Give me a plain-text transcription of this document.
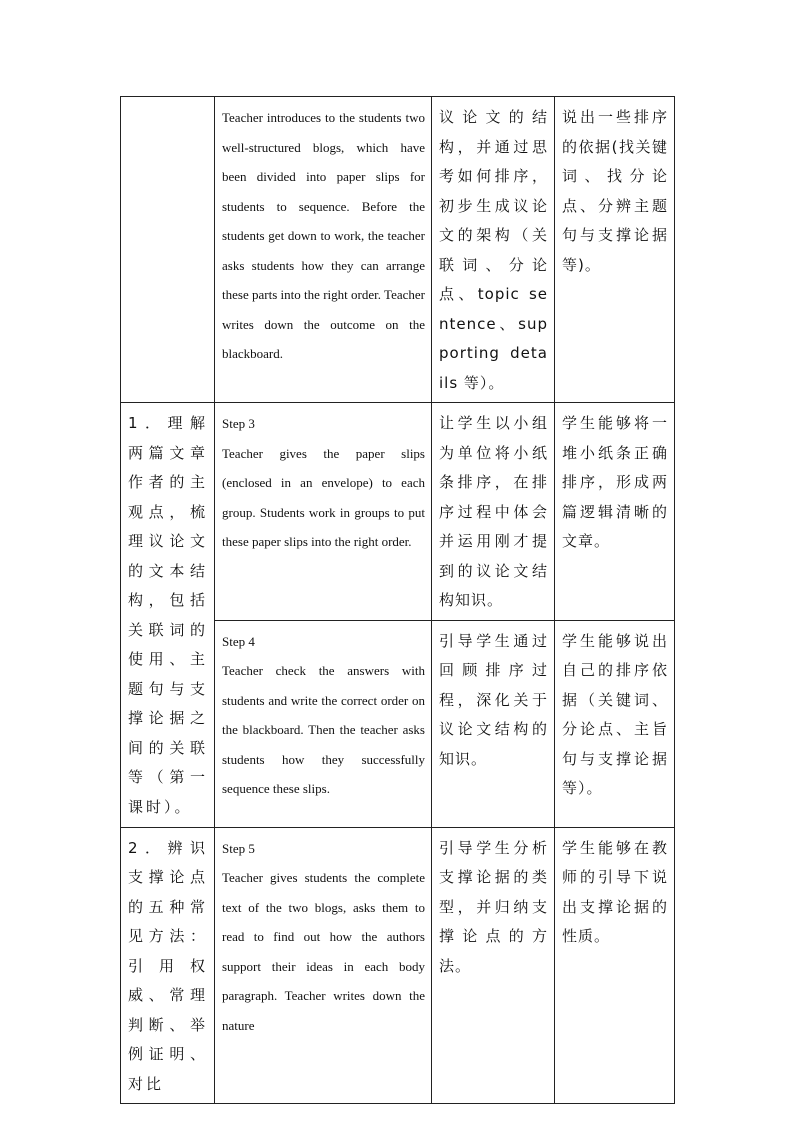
	Teacher introduces to the students two well-structured blogs, which have been divided into paper slips for students to sequence. Before the students get down to work, the teacher asks students how they can arrange these parts into the right order. Teacher writes down the outcome on the blackboard.	议论文的结构，并通过思考如何排序，初步生成议论文的架构（关联词、分论点、topic sentence、supporting details 等）。	说出一些排序的依据(找关键词、找分论点、分辨主题句与支撑论据等)。

1．理解两篇文章作者的主观点，梳理议论文的文本结构，包括关联词的使用、主题句与支撑论据之间的关联等（第一课时）。	Step 3
Teacher gives the paper slips (enclosed in an envelope) to each group. Students work in groups to put these paper slips into the right order.	让学生以小组为单位将小纸条排序，在排序过程中体会并运用刚才提到的议论文结构知识。	学生能够将一堆小纸条正确排序，形成两篇逻辑清晰的文章。

	Step 4
Teacher check the answers with students and write the correct order on the blackboard. Then the teacher asks students how they successfully sequence these slips.	引导学生通过回顾排序过程，深化关于议论文结构的知识。	学生能够说出自己的排序依据（关键词、分论点、主旨句与支撑论据等）。

2．辨识支撑论点的五种常见方法：引用权威、常理判断、举例证明、对比	Step 5
Teacher gives students the complete text of the two blogs, asks them to read to find out how the authors support their ideas in each body paragraph. Teacher writes down the nature	引导学生分析支撑论据的类型，并归纳支撑论点的方法。	学生能够在教师的引导下说出支撑论据的性质。
